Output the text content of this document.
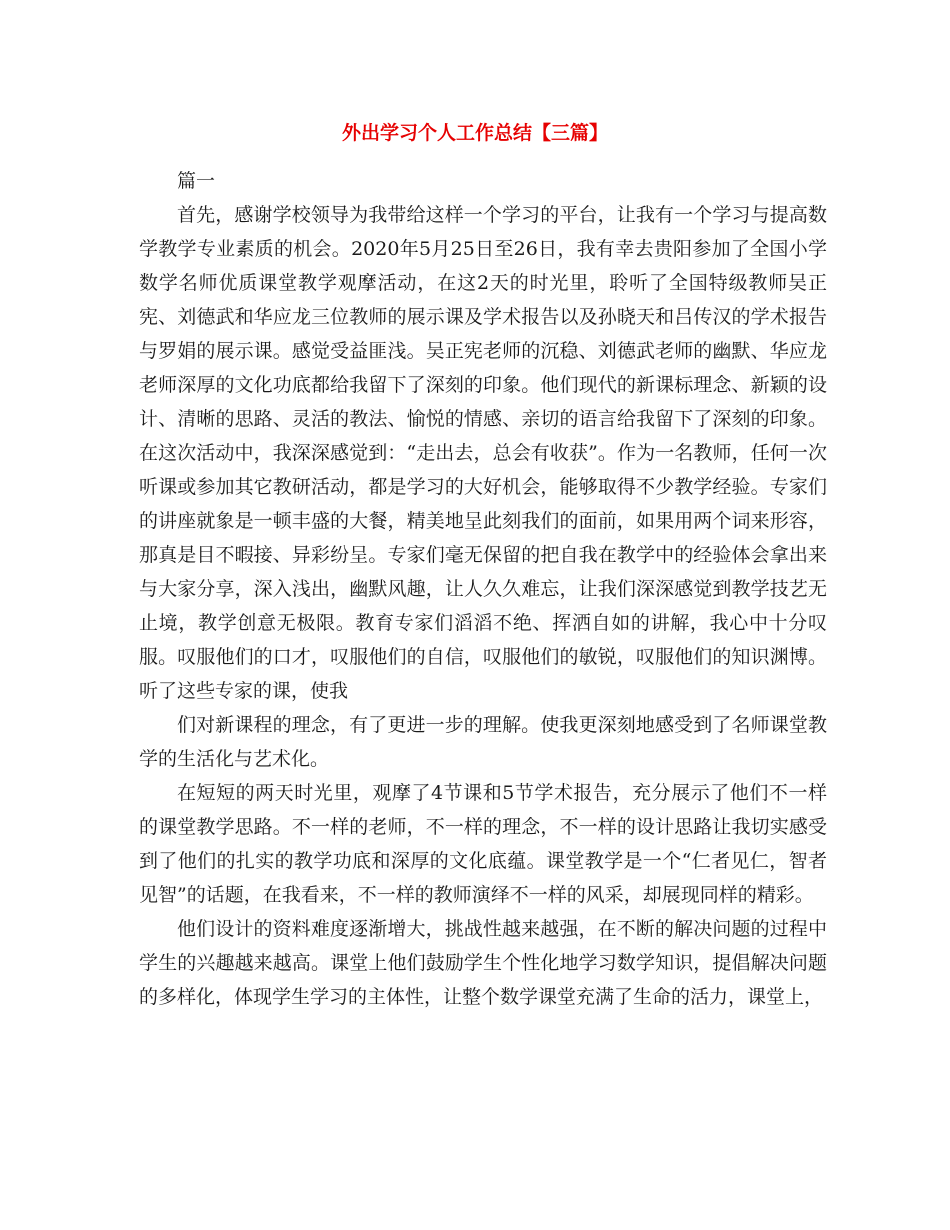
外出学习个人工作总结【三篇】

篇一

首先，感谢学校领导为我带给这样一个学习的平台，让我有一个学习与提高数学教学专业素质的机会。2020年5月25日至26日，我有幸去贵阳参加了全国小学数学名师优质课堂教学观摩活动，在这2天的时光里，聆听了全国特级教师吴正宪、刘德武和华应龙三位教师的展示课及学术报告以及孙晓天和吕传汉的学术报告与罗娟的展示课。感觉受益匪浅。吴正宪老师的沉稳、刘德武老师的幽默、华应龙老师深厚的文化功底都给我留下了深刻的印象。他们现代的新课标理念、新颖的设计、清晰的思路、灵活的教法、愉悦的情感、亲切的语言给我留下了深刻的印象。在这次活动中，我深深感觉到：“走出去，总会有收获”。作为一名教师，任何一次听课或参加其它教研活动，都是学习的大好机会，能够取得不少教学经验。专家们的讲座就象是一顿丰盛的大餐，精美地呈此刻我们的面前，如果用两个词来形容，那真是目不暇接、异彩纷呈。专家们毫无保留的把自我在教学中的经验体会拿出来与大家分享，深入浅出，幽默风趣，让人久久难忘，让我们深深感觉到教学技艺无止境，教学创意无极限。教育专家们滔滔不绝、挥洒自如的讲解，我心中十分叹服。叹服他们的口才，叹服他们的自信，叹服他们的敏锐，叹服他们的知识渊博。听了这些专家的课，使我

们对新课程的理念，有了更进一步的理解。使我更深刻地感受到了名师课堂教学的生活化与艺术化。

在短短的两天时光里，观摩了4节课和5节学术报告，充分展示了他们不一样的课堂教学思路。不一样的老师，不一样的理念，不一样的设计思路让我切实感受到了他们的扎实的教学功底和深厚的文化底蕴。课堂教学是一个“仁者见仁，智者见智”的话题，在我看来，不一样的教师演绎不一样的风采，却展现同样的精彩。

他们设计的资料难度逐渐增大，挑战性越来越强，在不断的解决问题的过程中学生的兴趣越来越高。课堂上他们鼓励学生个性化地学习数学知识，提倡解决问题的多样化，体现学生学习的主体性，让整个数学课堂充满了生命的活力，课堂上，
